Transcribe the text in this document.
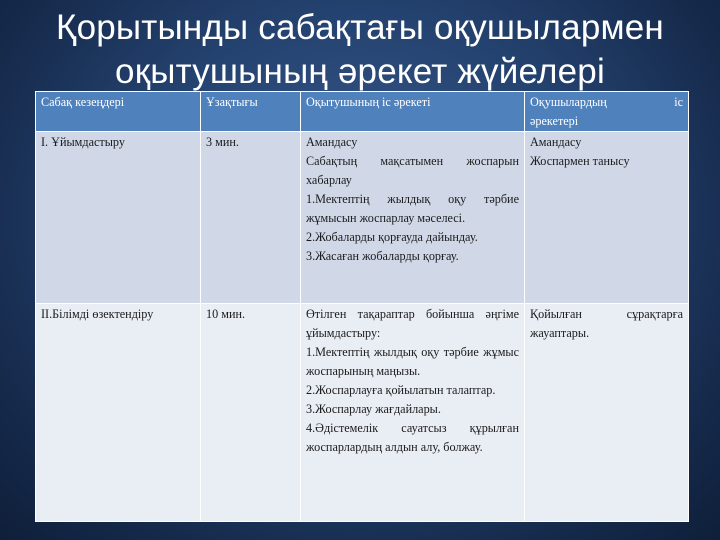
Қорытынды сабақтағы оқушылармен
оқытушының әрекет жүйелері
Сабақ кезеңдері	Ұзақтығы	Оқытушының іс әрекеті	Оқушылардың іс
әрекетері

І. Ұйымдастыру	3 мин.	Амандасу
Сабақтың мақсатымен жоспарын хабарлау
1.Мектептің жылдық оқу тәрбие жұмысын жоспарлау мәселесі.
2.Жобаларды қорғауда дайындау.
3.Жасаған жобаларды қорғау.	Амандасу
Жоспармен танысу

ІІ.Білімді өзектендіру	10 мин.	Өтілген тақараптар бойынша әңгіме ұйымдастыру:
1.Мектептің жылдық оқу тәрбие жұмыс жоспарының маңызы.
2.Жоспарлауға қойылатын талаптар.
3.Жоспарлау жағдайлары.
4.Әдістемелік сауатсыз құрылған жоспарлардың алдын алу, болжау.	Қойылған сұрақтарға жауаптары.
